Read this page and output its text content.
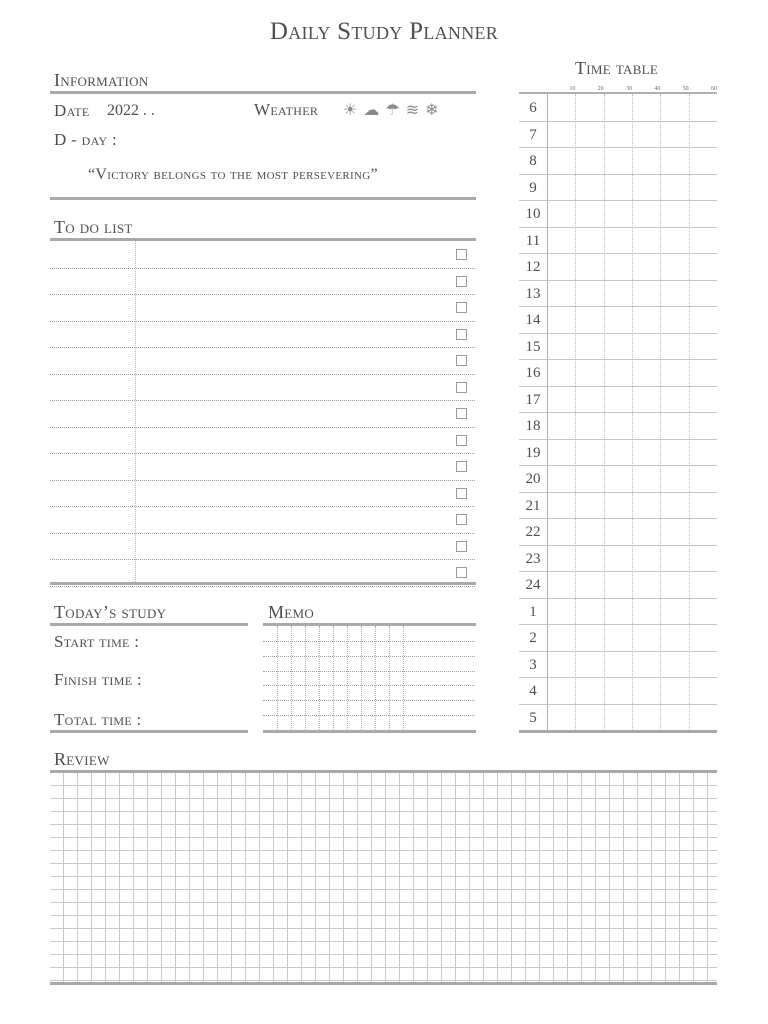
Daily Study Planner
Information
Date 2022 . .	Weather ☀☁☂≋❄
D - day :
“Victory belongs to the most persevering”
To do list
Today’s study
Start time :
Finish time :
Total time :
Memo
Time table
10	20	30	40	50	60
6
7
8
9
10
11
12
13
14
15
16
17
18
19
20
21
22
23
24
1
2
3
4
5
Review
